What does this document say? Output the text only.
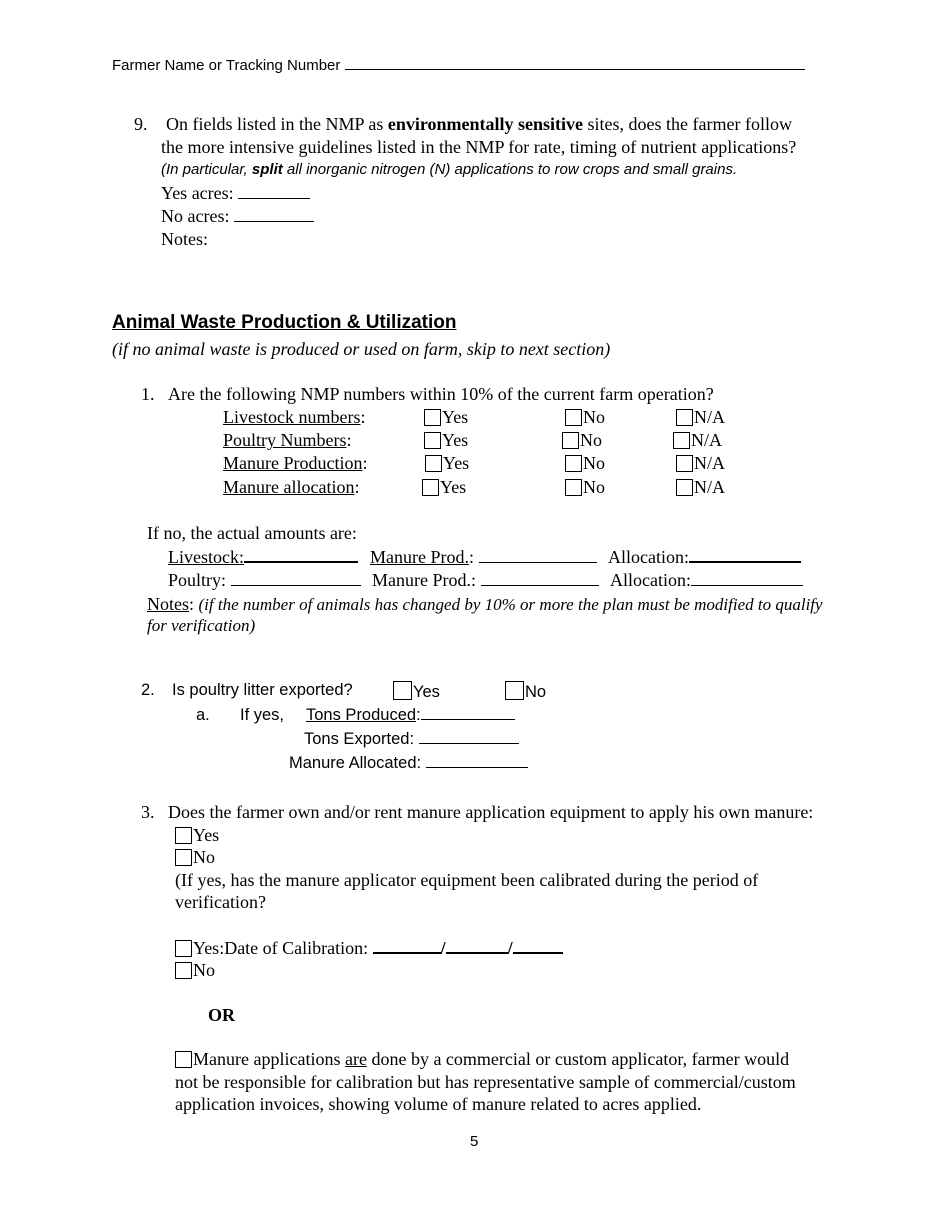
Farmer Name or Tracking Number
9. On fields listed in the NMP as environmentally sensitive sites, does the farmer follow
the more intensive guidelines listed in the NMP for rate, timing of nutrient applications?
(In particular, split all inorganic nitrogen (N) applications to row crops and small grains.
Yes acres:
No acres:
Notes:
Animal Waste Production & Utilization
(if no animal waste is produced or used on farm, skip to next section)
1. Are the following NMP numbers within 10% of the current farm operation?
Livestock numbers:	Yes	No	N/A
Poultry Numbers:	Yes	No	N/A
Manure Production:	Yes	No	N/A
Manure allocation:	Yes	No	N/A
If no, the actual amounts are:
Livestock:	Manure Prod.:	Allocation:
Poultry:	Manure Prod.:	Allocation:
Notes: (if the number of animals has changed by 10% or more the plan must be modified to qualify
for verification)
2. Is poultry litter exported?	Yes	No
a. If yes, Tons Produced:
Tons Exported:
Manure Allocated:
3. Does the farmer own and/or rent manure application equipment to apply his own manure:
Yes
No
(If yes, has the manure applicator equipment been calibrated during the period of
verification?
Yes:Date of Calibration:	/	/
No
OR
Manure applications are done by a commercial or custom applicator, farmer would
not be responsible for calibration but has representative sample of commercial/custom
application invoices, showing volume of manure related to acres applied.
5
